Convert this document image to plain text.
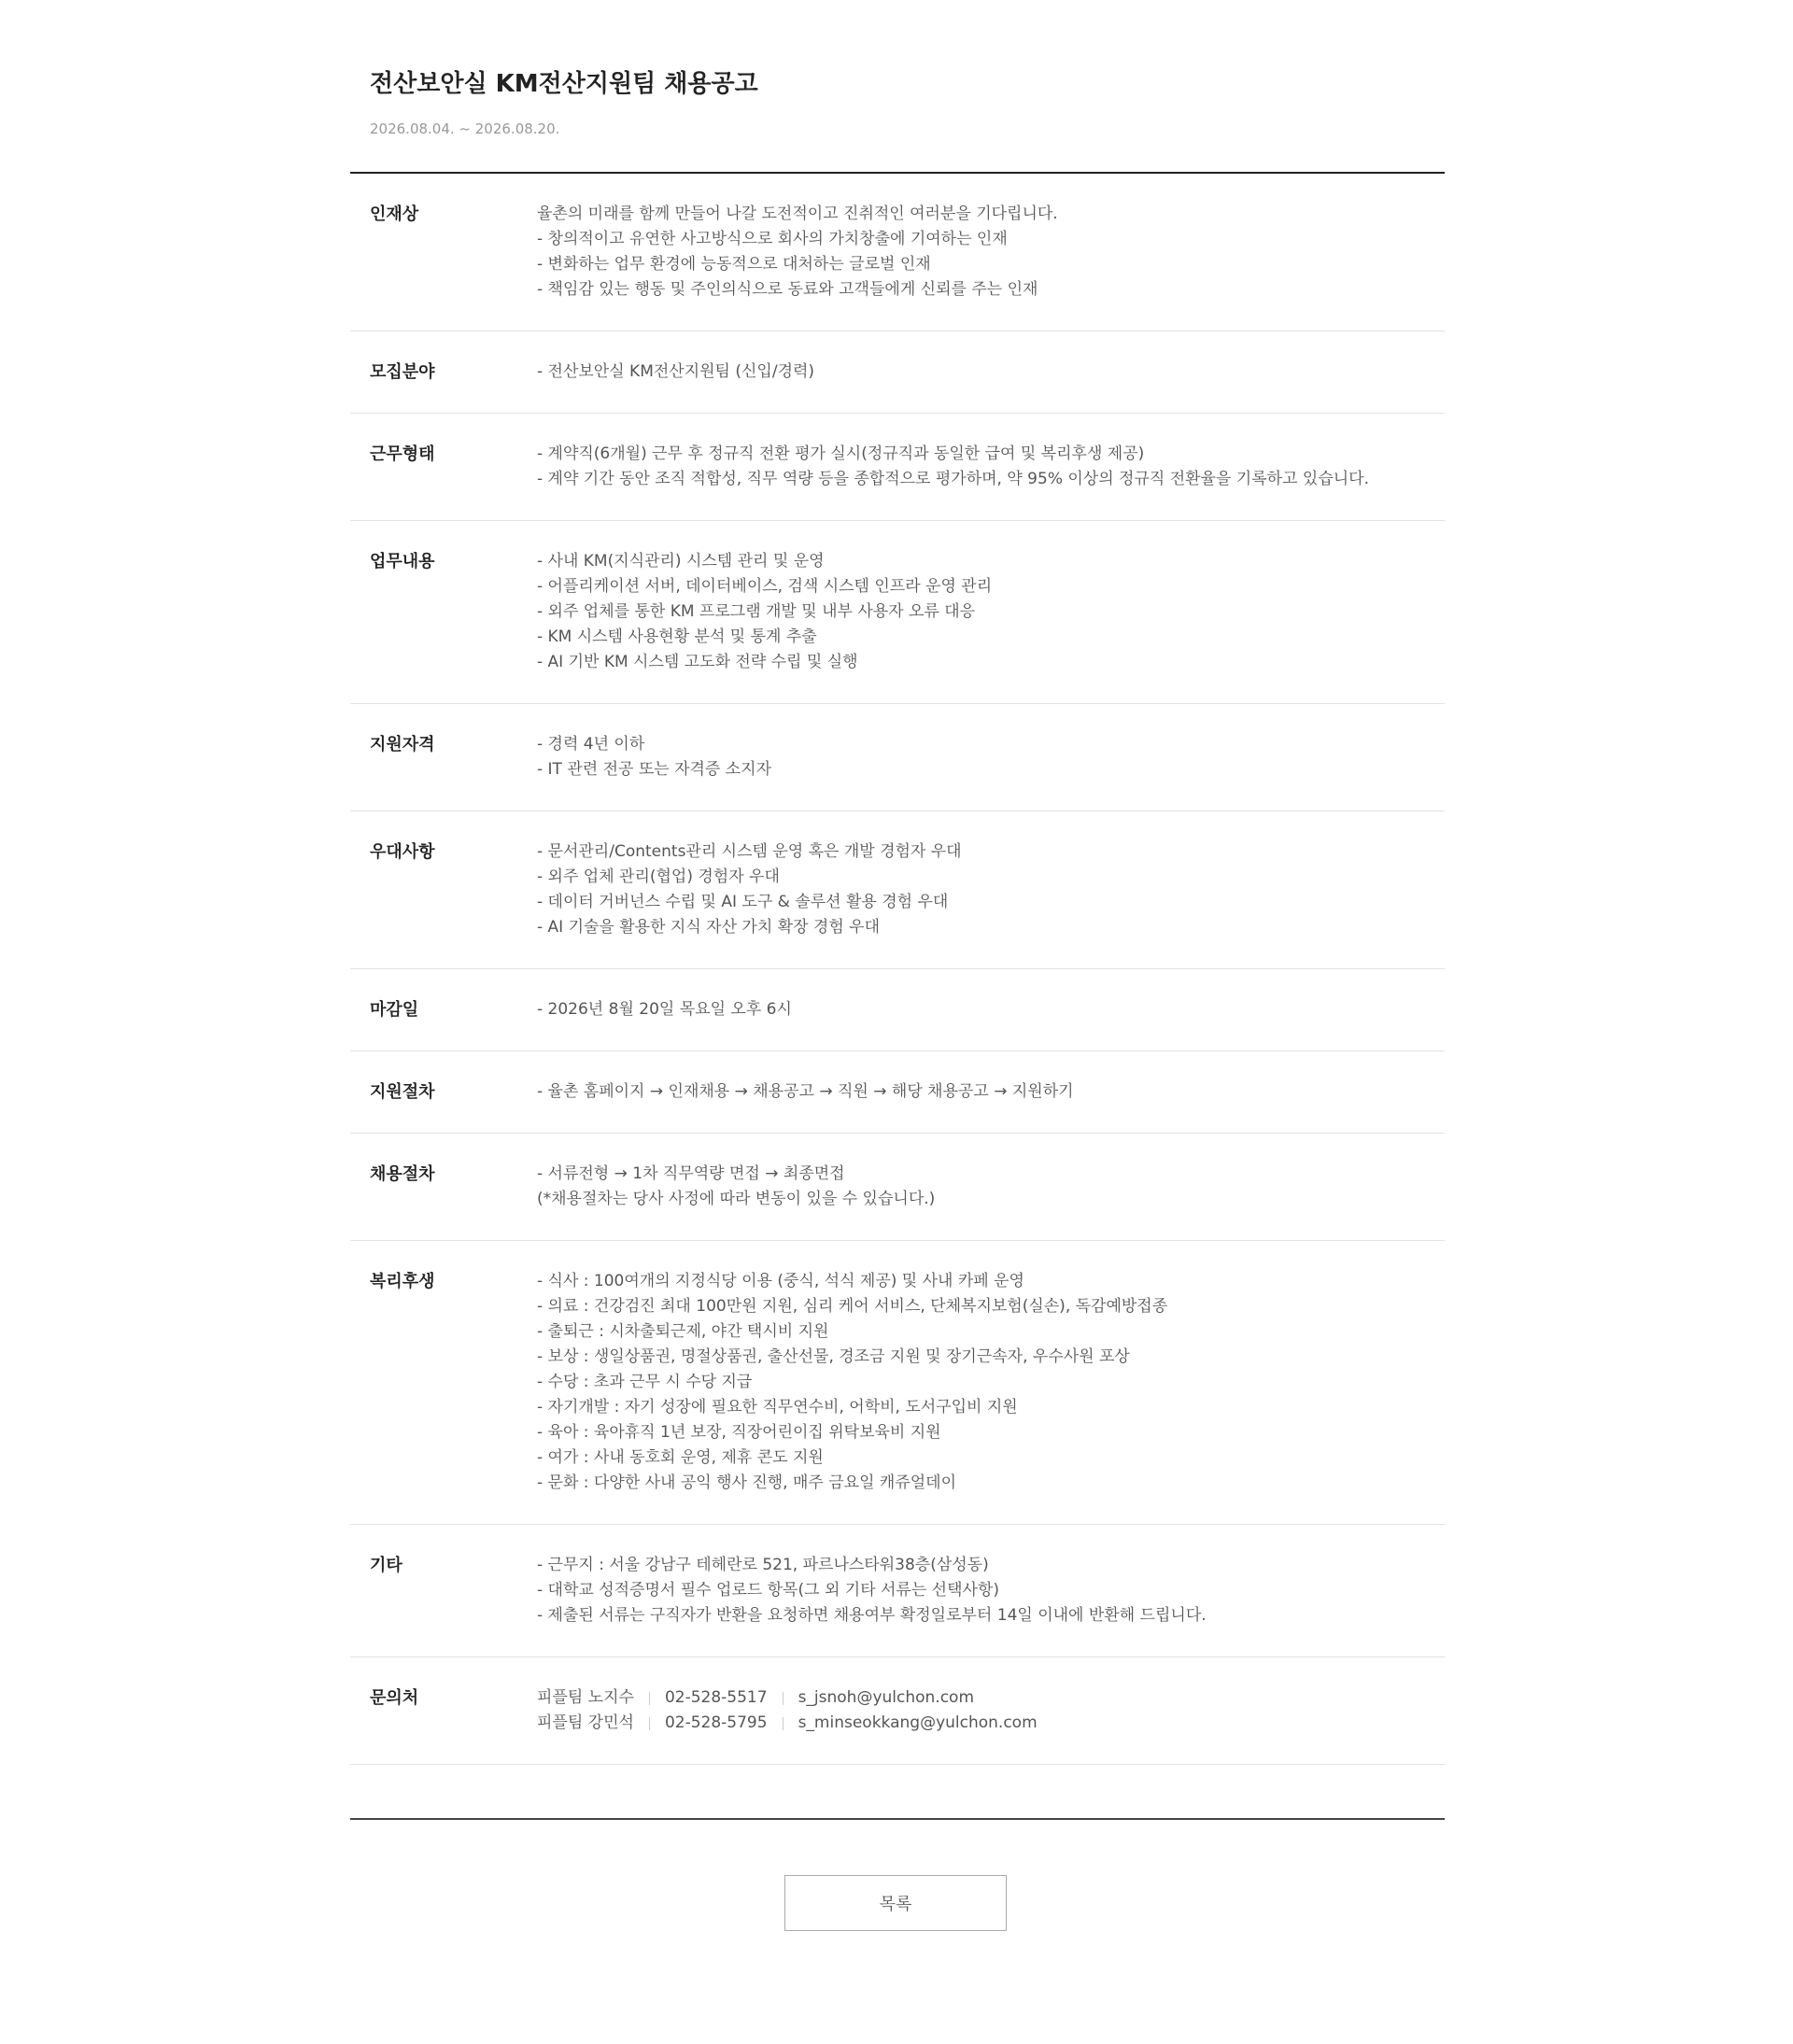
전산보안실 KM전산지원팀 채용공고
2026.08.04. ~ 2026.08.20.
인재상	율촌의 미래를 함께 만들어 나갈 도전적이고 진취적인 여러분을 기다립니다.
- 창의적이고 유연한 사고방식으로 회사의 가치창출에 기여하는 인재
- 변화하는 업무 환경에 능동적으로 대처하는 글로벌 인재
- 책임감 있는 행동 및 주인의식으로 동료와 고객들에게 신뢰를 주는 인재
모집분야	- 전산보안실 KM전산지원팀 (신입/경력)
근무형태	- 계약직(6개월) 근무 후 정규직 전환 평가 실시(정규직과 동일한 급여 및 복리후생 제공)
- 계약 기간 동안 조직 적합성, 직무 역량 등을 종합적으로 평가하며, 약 95% 이상의 정규직 전환율을 기록하고 있습니다.
업무내용	- 사내 KM(지식관리) 시스템 관리 및 운영
- 어플리케이션 서버, 데이터베이스, 검색 시스템 인프라 운영 관리
- 외주 업체를 통한 KM 프로그램 개발 및 내부 사용자 오류 대응
- KM 시스템 사용현황 분석 및 통계 추출
- AI 기반 KM 시스템 고도화 전략 수립 및 실행
지원자격	- 경력 4년 이하
- IT 관련 전공 또는 자격증 소지자
우대사항	- 문서관리/Contents관리 시스템 운영 혹은 개발 경험자 우대
- 외주 업체 관리(협업) 경험자 우대
- 데이터 거버넌스 수립 및 AI 도구 & 솔루션 활용 경험 우대
- AI 기술을 활용한 지식 자산 가치 확장 경험 우대
마감일	- 2026년 8월 20일 목요일 오후 6시
지원절차	- 율촌 홈페이지 → 인재채용 → 채용공고 → 직원 → 해당 채용공고 → 지원하기
채용절차	- 서류전형 → 1차 직무역량 면접 → 최종면접
(*채용절차는 당사 사정에 따라 변동이 있을 수 있습니다.)
복리후생	- 식사 : 100여개의 지정식당 이용 (중식, 석식 제공) 및 사내 카페 운영
- 의료 : 건강검진 최대 100만원 지원, 심리 케어 서비스, 단체복지보험(실손), 독감예방접종
- 출퇴근 : 시차출퇴근제, 야간 택시비 지원
- 보상 : 생일상품권, 명절상품권, 출산선물, 경조금 지원 및 장기근속자, 우수사원 포상
- 수당 : 초과 근무 시 수당 지급
- 자기개발 : 자기 성장에 필요한 직무연수비, 어학비, 도서구입비 지원
- 육아 : 육아휴직 1년 보장, 직장어린이집 위탁보육비 지원
- 여가 : 사내 동호회 운영, 제휴 콘도 지원
- 문화 : 다양한 사내 공익 행사 진행, 매주 금요일 캐쥬얼데이
기타	- 근무지 : 서울 강남구 테헤란로 521, 파르나스타워38층(삼성동)
- 대학교 성적증명서 필수 업로드 항목(그 외 기타 서류는 선택사항)
- 제출된 서류는 구직자가 반환을 요청하면 채용여부 확정일로부터 14일 이내에 반환해 드립니다.
문의처	피플팀 노지수 02-528-5517 s_jsnoh@yulchon.com
피플팀 강민석 02-528-5795 s_minseokkang@yulchon.com
목록
